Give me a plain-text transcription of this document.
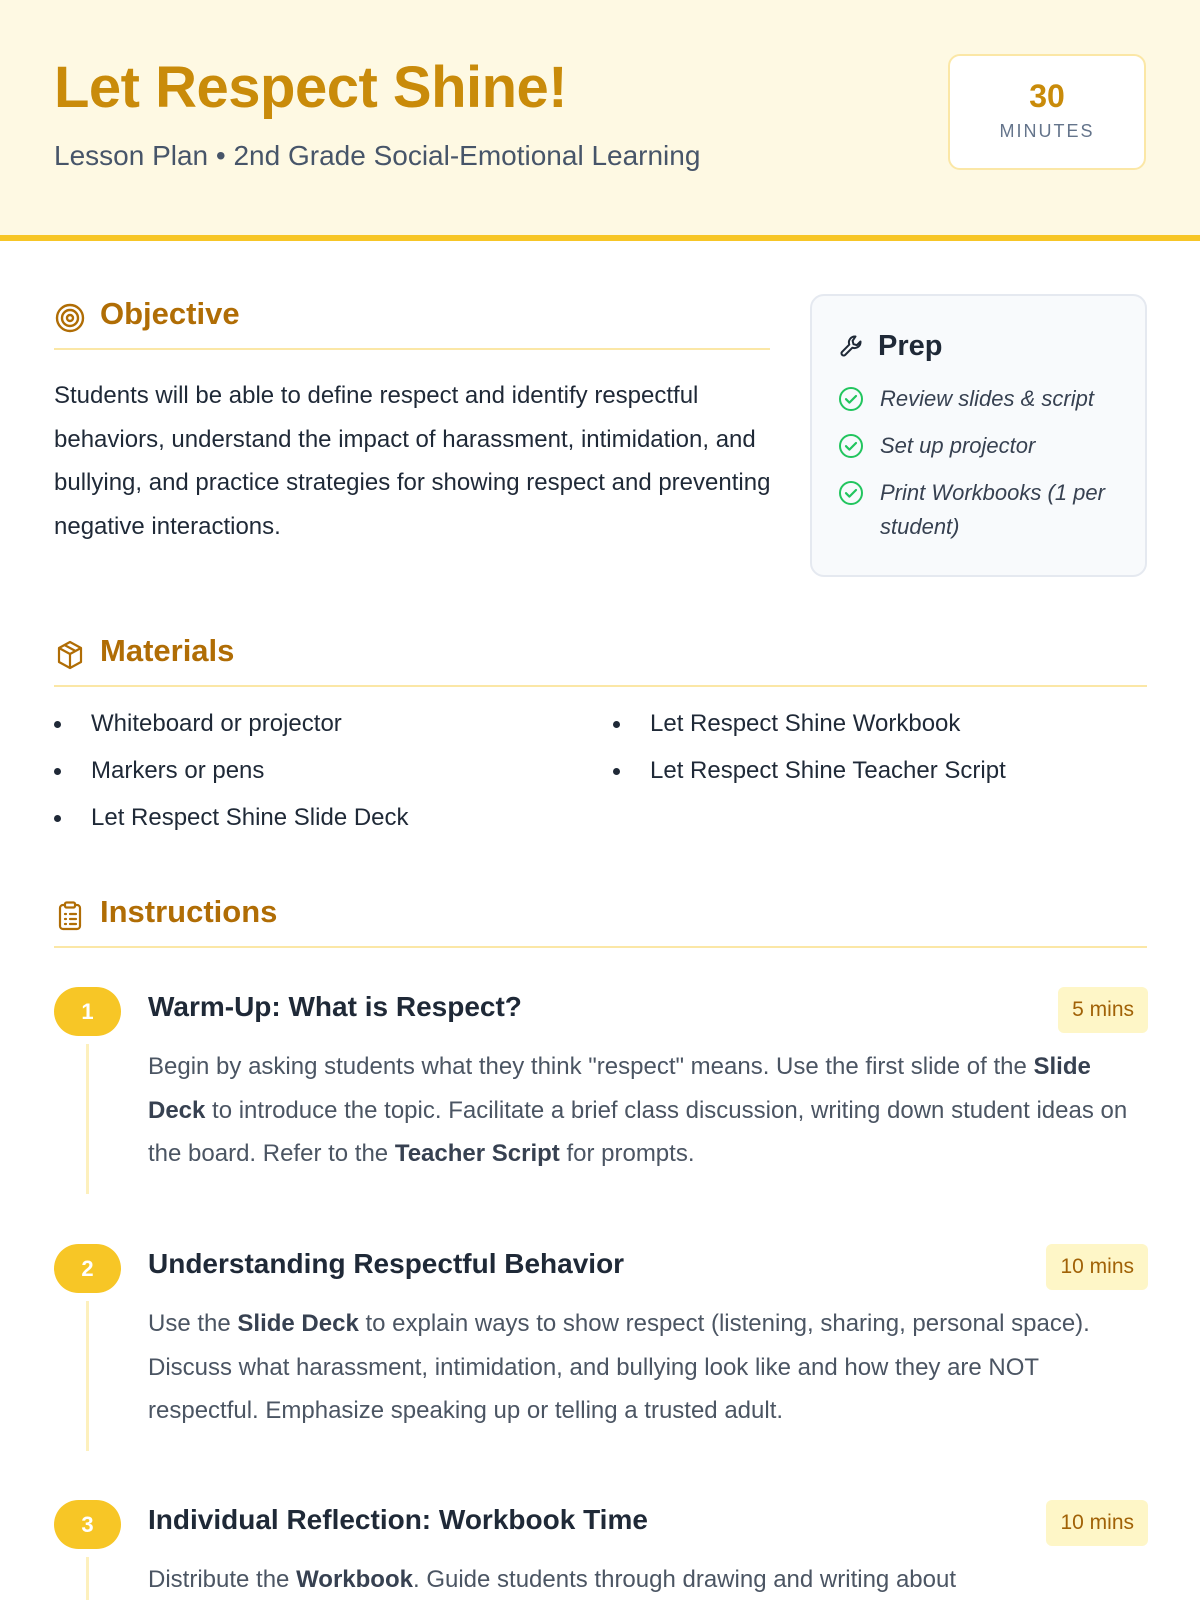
Let Respect Shine!
Lesson Plan • 2nd Grade Social-Emotional Learning
30
MINUTES
Objective

Students will be able to define respect and identify respectful behaviors, understand the impact of harassment, intimidation, and bullying, and practice strategies for showing respect and preventing negative interactions.

Prep
Review slides & script
Set up projector
Print Workbooks (1 per student)
Materials
Whiteboard or projector
Markers or pens
Let Respect Shine Slide Deck
Let Respect Shine Workbook
Let Respect Shine Teacher Script
Instructions
1	Warm-Up: What is Respect?	5 mins

Begin by asking students what they think "respect" means. Use the first slide of the Slide Deck to introduce the topic. Facilitate a brief class discussion, writing down student ideas on the board. Refer to the Teacher Script for prompts.

2	Understanding Respectful Behavior	10 mins

Use the Slide Deck to explain ways to show respect (listening, sharing, personal space). Discuss what harassment, intimidation, and bullying look like and how they are NOT respectful. Emphasize speaking up or telling a trusted adult.

3	Individual Reflection: Workbook Time	10 mins

Distribute the Workbook. Guide students through drawing and writing about
